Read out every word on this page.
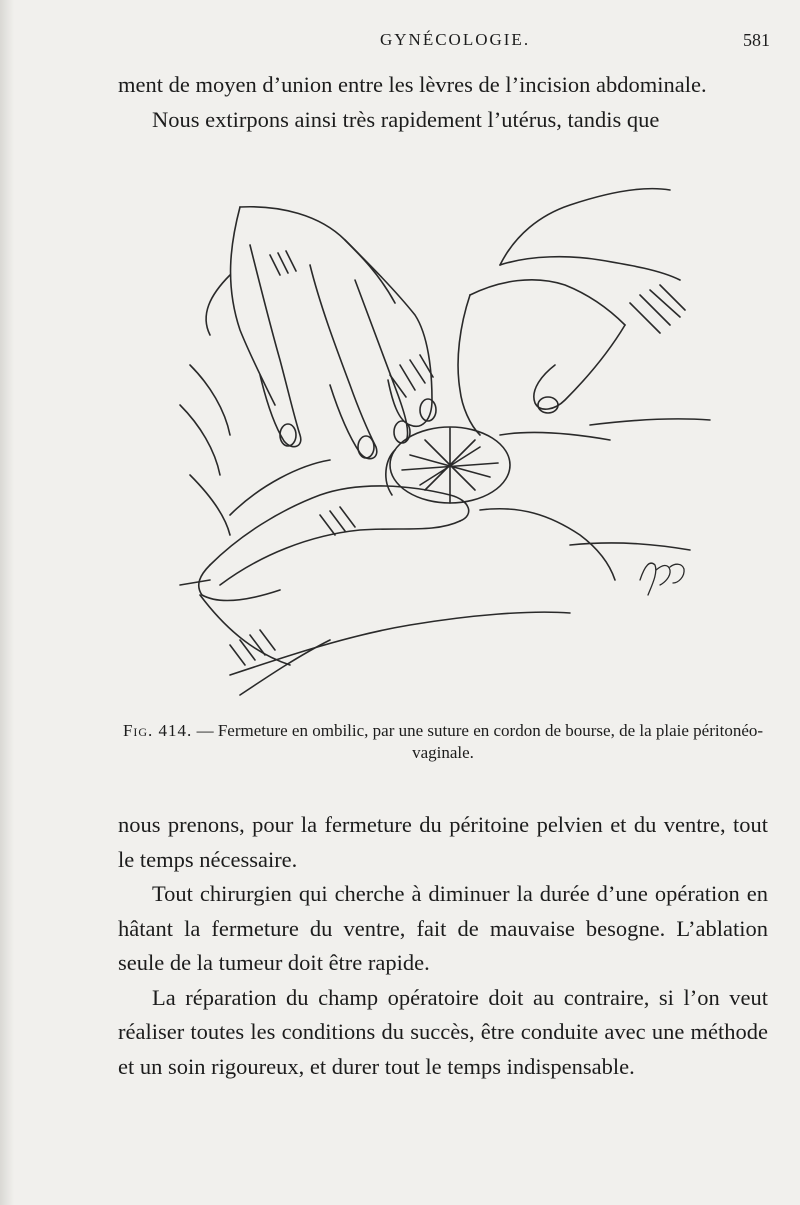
GYNÉCOLOGIE.	581

ment de moyen d’union entre les lèvres de l’incision abdominale.

Nous extirpons ainsi très rapidement l’utérus, tandis que

Fig. 414. — Fermeture en ombilic, par une suture en cordon de bourse, de la plaie péritonéo-vaginale.

nous prenons, pour la fermeture du péritoine pelvien et du ventre, tout le temps nécessaire.

Tout chirurgien qui cherche à diminuer la durée d’une opération en hâtant la fermeture du ventre, fait de mauvaise besogne. L’ablation seule de la tumeur doit être rapide.

La réparation du champ opératoire doit au contraire, si l’on veut réaliser toutes les conditions du succès, être conduite avec une méthode et un soin rigoureux, et durer tout le temps indispensable.
